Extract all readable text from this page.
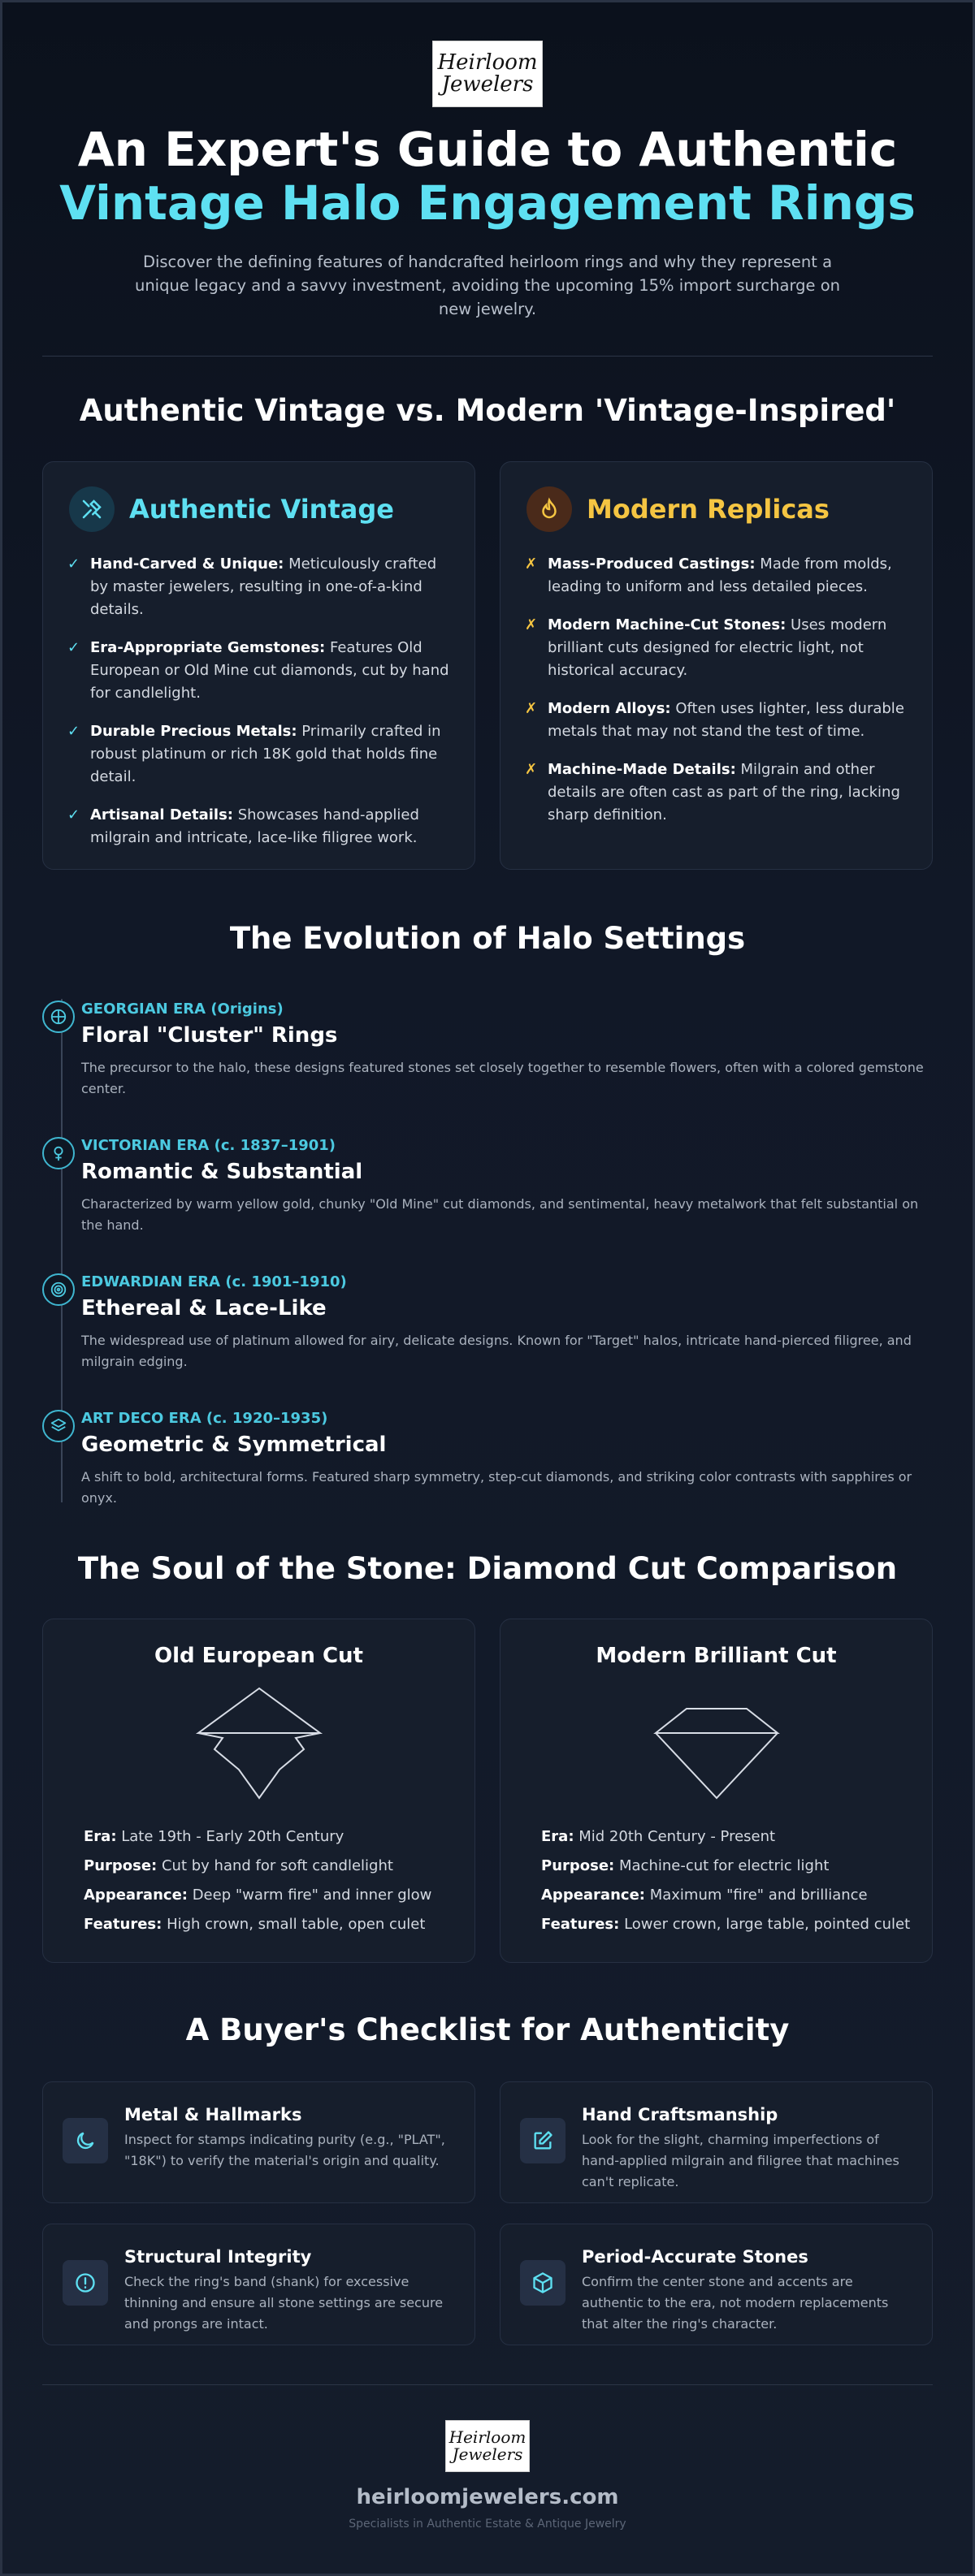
Heirloom
Jewelers
An Expert's Guide to Authentic
Vintage Halo Engagement Rings

Discover the defining features of handcrafted heirloom rings and why they represent a unique legacy and a savvy investment, avoiding the upcoming 15% import surcharge on new jewelry.

Authentic Vintage vs. Modern 'Vintage-Inspired'
Authentic Vintage
✓ Hand-Carved & Unique: Meticulously crafted by master jewelers, resulting in one-of-a-kind details.
✓ Era-Appropriate Gemstones: Features Old European or Old Mine cut diamonds, cut by hand for candlelight.
✓ Durable Precious Metals: Primarily crafted in robust platinum or rich 18K gold that holds fine detail.
✓ Artisanal Details: Showcases hand-applied milgrain and intricate, lace-like filigree work.
Modern Replicas
✗ Mass-Produced Castings: Made from molds, leading to uniform and less detailed pieces.
✗ Modern Machine-Cut Stones: Uses modern brilliant cuts designed for electric light, not historical accuracy.
✗ Modern Alloys: Often uses lighter, less durable metals that may not stand the test of time.
✗ Machine-Made Details: Milgrain and other details are often cast as part of the ring, lacking sharp definition.
The Evolution of Halo Settings
GEORGIAN ERA (Origins)
Floral "Cluster" Rings
The precursor to the halo, these designs featured stones set closely together to resemble flowers, often with a colored gemstone center.
VICTORIAN ERA (c. 1837–1901)
Romantic & Substantial
Characterized by warm yellow gold, chunky "Old Mine" cut diamonds, and sentimental, heavy metalwork that felt substantial on the hand.
EDWARDIAN ERA (c. 1901–1910)
Ethereal & Lace-Like
The widespread use of platinum allowed for airy, delicate designs. Known for "Target" halos, intricate hand-pierced filigree, and milgrain edging.
ART DECO ERA (c. 1920–1935)
Geometric & Symmetrical
A shift to bold, architectural forms. Featured sharp symmetry, step-cut diamonds, and striking color contrasts with sapphires or onyx.
The Soul of the Stone: Diamond Cut Comparison
Old European Cut
Era: Late 19th - Early 20th Century
Purpose: Cut by hand for soft candlelight
Appearance: Deep "warm fire" and inner glow
Features: High crown, small table, open culet
Modern Brilliant Cut
Era: Mid 20th Century - Present
Purpose: Machine-cut for electric light
Appearance: Maximum "fire" and brilliance
Features: Lower crown, large table, pointed culet
A Buyer's Checklist for Authenticity
Metal & Hallmarks
Inspect for stamps indicating purity (e.g., "PLAT", "18K") to verify the material's origin and quality.
Hand Craftsmanship
Look for the slight, charming imperfections of hand-applied milgrain and filigree that machines can't replicate.
Structural Integrity
Check the ring's band (shank) for excessive thinning and ensure all stone settings are secure and prongs are intact.
Period-Accurate Stones
Confirm the center stone and accents are authentic to the era, not modern replacements that alter the ring's character.
Heirloom
Jewelers
heirloomjewelers.com
Specialists in Authentic Estate & Antique Jewelry
